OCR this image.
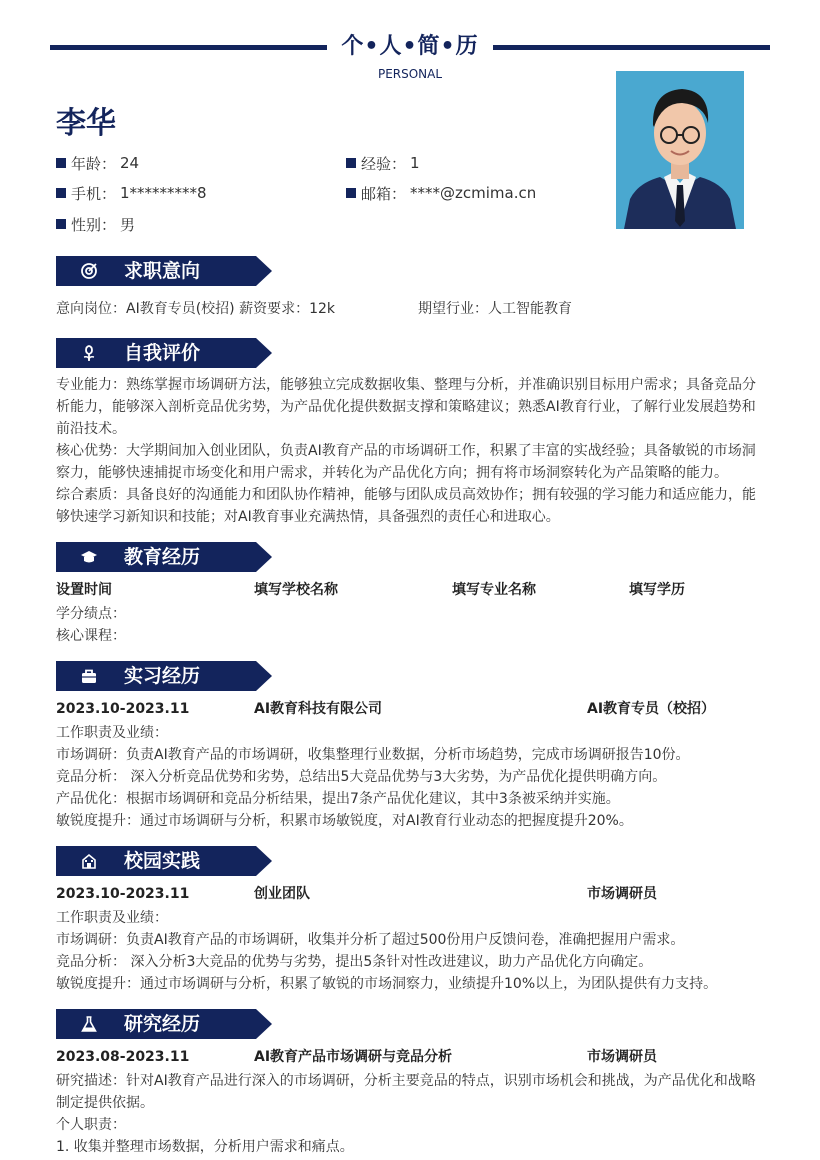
个•人•简•历
PERSONAL
李华
年龄： 24	经验： 1
手机： 1*********8	邮箱： ****@zcmima.cn
性别： 男
求职意向
意向岗位：AI教育专员(校招) 薪资要求：12k	期望行业：人工智能教育
自我评价

专业能力：熟练掌握市场调研方法，能够独立完成数据收集、整理与分析，并准确识别目标用户需求；具备竞品分析能力，能够深入剖析竞品优劣势，为产品优化提供数据支撑和策略建议；熟悉AI教育行业，了解行业发展趋势和前沿技术。

核心优势：大学期间加入创业团队，负责AI教育产品的市场调研工作，积累了丰富的实战经验；具备敏锐的市场洞察力，能够快速捕捉市场变化和用户需求，并转化为产品优化方向；拥有将市场洞察转化为产品策略的能力。

综合素质：具备良好的沟通能力和团队协作精神，能够与团队成员高效协作；拥有较强的学习能力和适应能力，能够快速学习新知识和技能；对AI教育事业充满热情，具备强烈的责任心和进取心。

教育经历
设置时间	填写学校名称	填写专业名称	填写学历

学分绩点：

核心课程：

实习经历
2023.10-2023.11	AI教育科技有限公司	AI教育专员（校招）

工作职责及业绩：

市场调研：负责AI教育产品的市场调研，收集整理行业数据，分析市场趋势，完成市场调研报告10份。

竞品分析： 深入分析竞品优势和劣势，总结出5大竞品优势与3大劣势，为产品优化提供明确方向。

产品优化：根据市场调研和竞品分析结果，提出7条产品优化建议，其中3条被采纳并实施。

敏锐度提升：通过市场调研与分析，积累市场敏锐度，对AI教育行业动态的把握度提升20%。

校园实践
2023.10-2023.11	创业团队	市场调研员

工作职责及业绩：

市场调研：负责AI教育产品的市场调研，收集并分析了超过500份用户反馈问卷，准确把握用户需求。

竞品分析： 深入分析3大竞品的优势与劣势，提出5条针对性改进建议，助力产品优化方向确定。

敏锐度提升：通过市场调研与分析，积累了敏锐的市场洞察力，业绩提升10%以上，为团队提供有力支持。

研究经历
2023.08-2023.11	AI教育产品市场调研与竞品分析	市场调研员

研究描述：针对AI教育产品进行深入的市场调研，分析主要竞品的特点，识别市场机会和挑战，为产品优化和战略制定提供依据。

个人职责：

1. 收集并整理市场数据，分析用户需求和痛点。
